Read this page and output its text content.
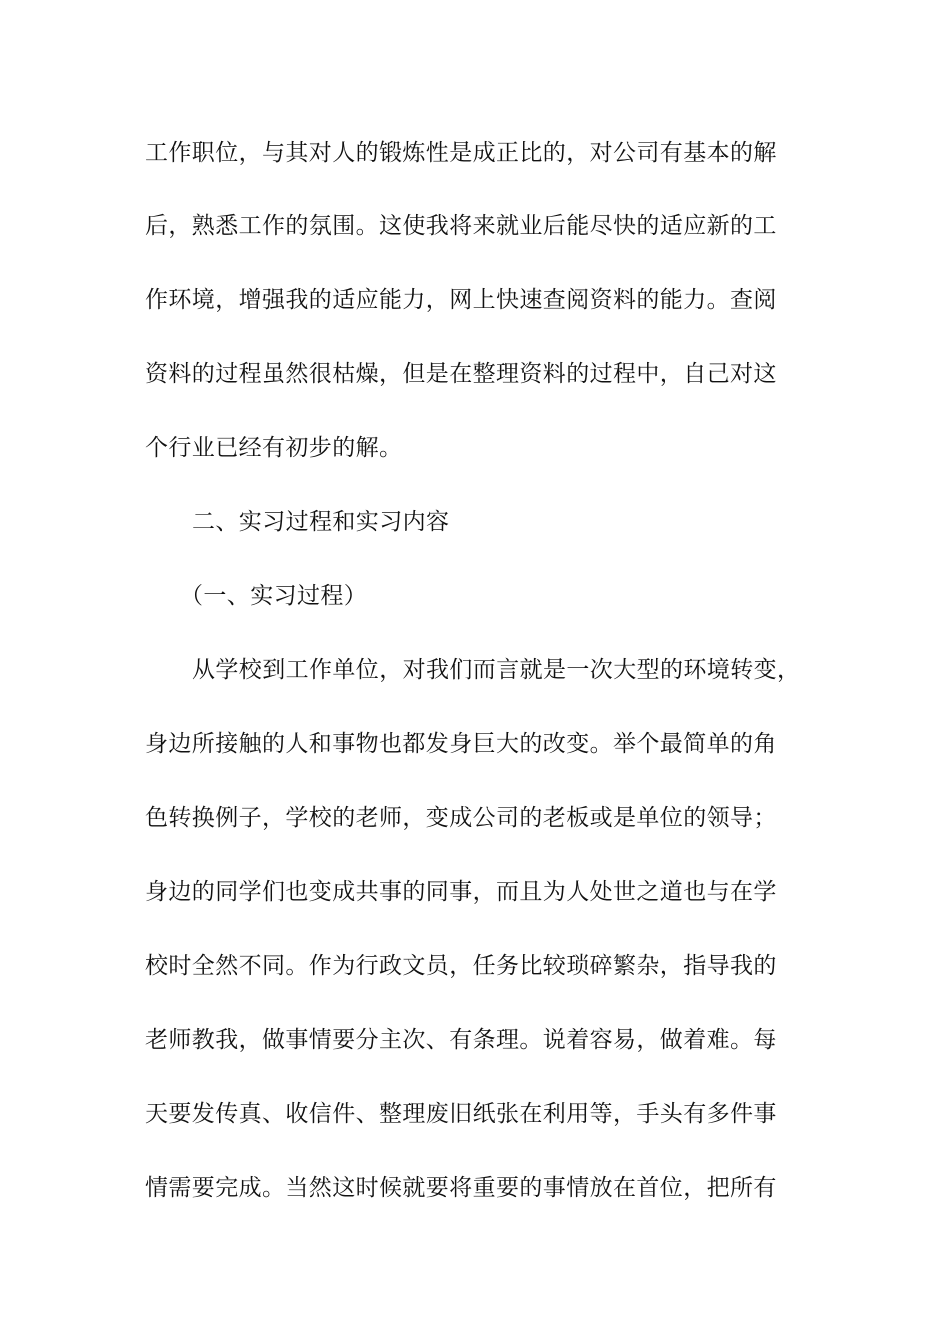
工作职位，与其对人的锻炼性是成正比的，对公司有基本的解
后，熟悉工作的氛围。这使我将来就业后能尽快的适应新的工
作环境，增强我的适应能力，网上快速查阅资料的能力。查阅
资料的过程虽然很枯燥，但是在整理资料的过程中，自己对这
个行业已经有初步的解。
二、实习过程和实习内容
（一、实习过程）
从学校到工作单位，对我们而言就是一次大型的环境转变，
身边所接触的人和事物也都发身巨大的改变。举个最简单的角
色转换例子，学校的老师，变成公司的老板或是单位的领导；
身边的同学们也变成共事的同事，而且为人处世之道也与在学
校时全然不同。作为行政文员，任务比较琐碎繁杂，指导我的
老师教我，做事情要分主次、有条理。说着容易，做着难。每
天要发传真、收信件、整理废旧纸张在利用等，手头有多件事
情需要完成。当然这时候就要将重要的事情放在首位，把所有
